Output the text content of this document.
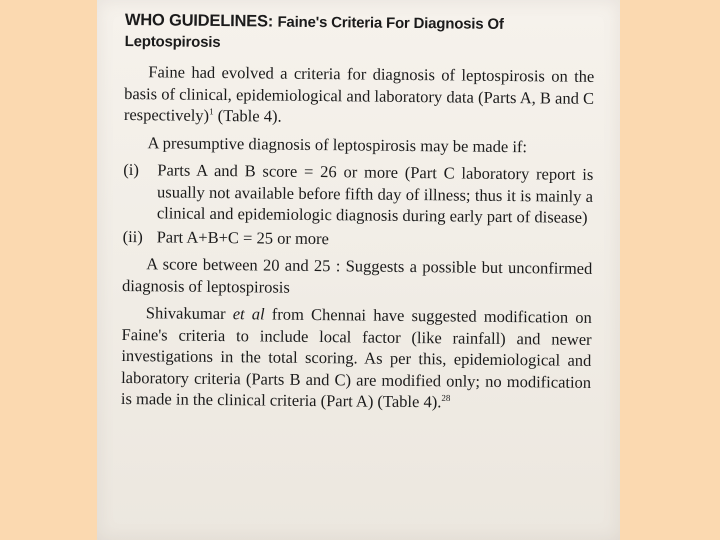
WHO GUIDELINES: Faine's Criteria For Diagnosis Of Leptospirosis

Faine had evolved a criteria for diagnosis of leptospirosis on the basis of clinical, epidemiological and laboratory data (Parts A, B and C respectively)$^1$ (Table 4).

A presumptive diagnosis of leptospirosis may be made if:

(i)	Parts A and B score = 26 or more (Part C laboratory report is usually not available before fifth day of illness; thus it is mainly a clinical and epidemiologic diagnosis during early part of disease)
(ii) Part A+B+C = 25 or more

A score between 20 and 25 : Suggests a possible but unconfirmed diagnosis of leptospirosis

Shivakumar et al from Chennai have suggested modification on Faine's criteria to include local factor (like rainfall) and newer investigations in the total scoring. As per this, epidemiological and laboratory criteria (Parts B and C) are modified only; no modification is made in the clinical criteria (Part A) (Table 4).$^{28}$
